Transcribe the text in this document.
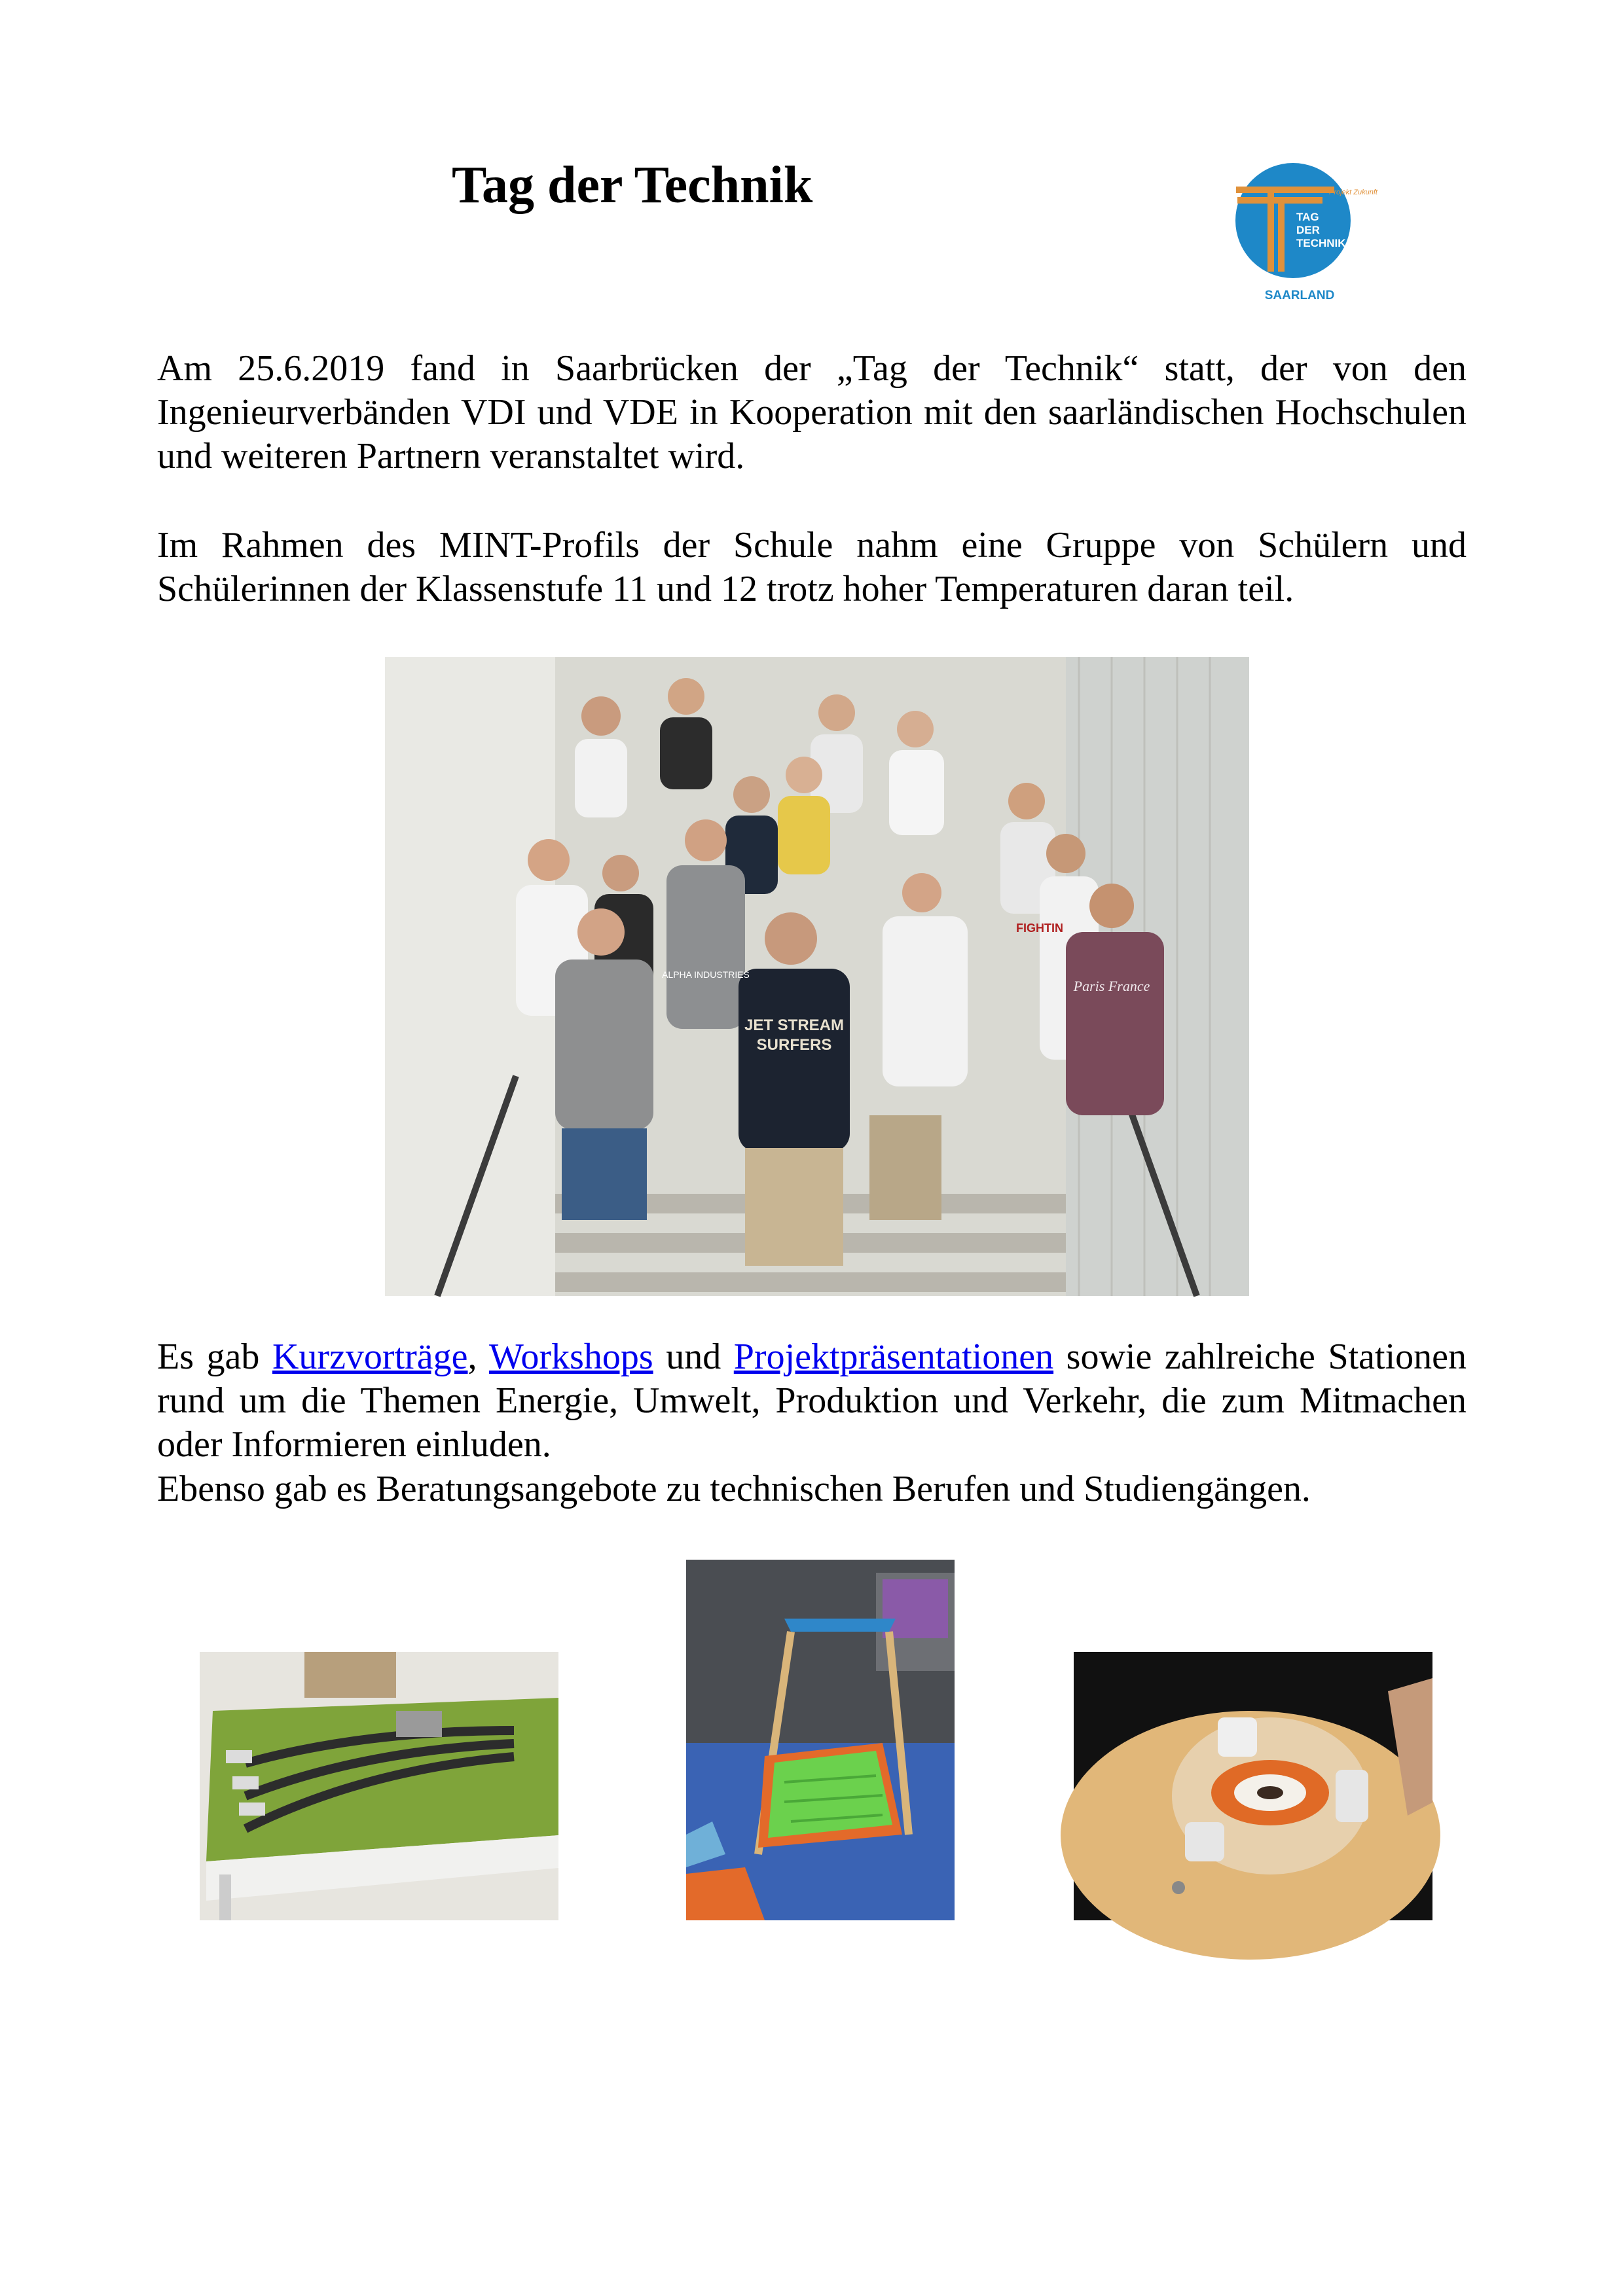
Tag der Technik	Projekt Zukunft
TAG
DER
TECHNIK
SAARLAND

Am 25.6.2019 fand in Saarbrücken der „Tag der Technik“ statt, der von den Ingenieurverbänden VDI und VDE in Kooperation mit den saarländischen Hochschulen und weiteren Partnern veranstaltet wird.

Im Rahmen des MINT-Profils der Schule nahm eine Gruppe von Schülern und Schülerinnen der Klassenstufe 11 und 12 trotz hoher Temperaturen daran teil.

JET STREAM
SURFERS
Paris France
FIGHTIN
ALPHA INDUSTRIES

Es gab Kurzvorträge, Workshops und Projektpräsentationen sowie zahlreiche Stationen rund um die Themen Energie, Umwelt, Produktion und Verkehr, die zum Mitmachen oder Informieren einluden.

Ebenso gab es Beratungsangebote zu technischen Berufen und Studiengängen.
